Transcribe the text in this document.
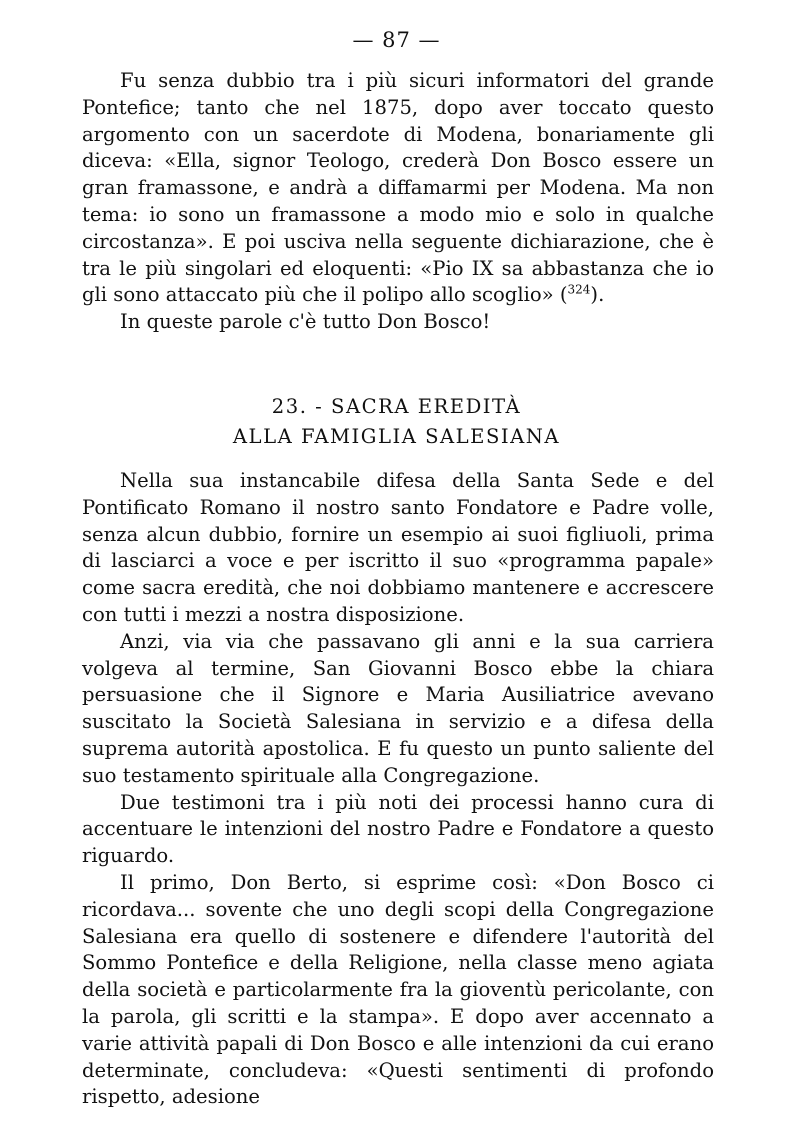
— 87 —

Fu senza dubbio tra i più sicuri informatori del grande Pontefice; tanto che nel 1875, dopo aver toccato questo argomento con un sacerdote di Modena, bonariamente gli diceva: «Ella, signor Teologo, crederà Don Bosco essere un gran framassone, e andrà a diffamarmi per Modena. Ma non tema: io sono un framassone a modo mio e solo in qualche circostanza». E poi usciva nella seguente dichiarazione, che è tra le più singolari ed eloquenti: «Pio IX sa abbastanza che io gli sono attaccato più che il polipo allo scoglio» ($^{324}$).

In queste parole c'è tutto Don Bosco!

23. - SACRA EREDITÀ
ALLA FAMIGLIA SALESIANA

Nella sua instancabile difesa della Santa Sede e del Pontificato Romano il nostro santo Fondatore e Padre volle, senza alcun dubbio, fornire un esempio ai suoi figliuoli, prima di lasciarci a voce e per iscritto il suo «programma papale» come sacra eredità, che noi dobbiamo mantenere e accrescere con tutti i mezzi a nostra disposizione.

Anzi, via via che passavano gli anni e la sua carriera volgeva al termine, San Giovanni Bosco ebbe la chiara persuasione che il Signore e Maria Ausiliatrice avevano suscitato la Società Salesiana in servizio e a difesa della suprema autorità apostolica. E fu questo un punto saliente del suo testamento spirituale alla Congregazione.

Due testimoni tra i più noti dei processi hanno cura di accentuare le intenzioni del nostro Padre e Fondatore a questo riguardo.

Il primo, Don Berto, si esprime così: «Don Bosco ci ricordava... sovente che uno degli scopi della Congregazione Salesiana era quello di sostenere e difendere l'autorità del Sommo Pontefice e della Religione, nella classe meno agiata della società e particolarmente fra la gioventù pericolante, con la parola, gli scritti e la stampa». E dopo aver accennato a varie attività papali di Don Bosco e alle intenzioni da cui erano determinate, concludeva: «Questi sentimenti di profondo rispetto, adesione
